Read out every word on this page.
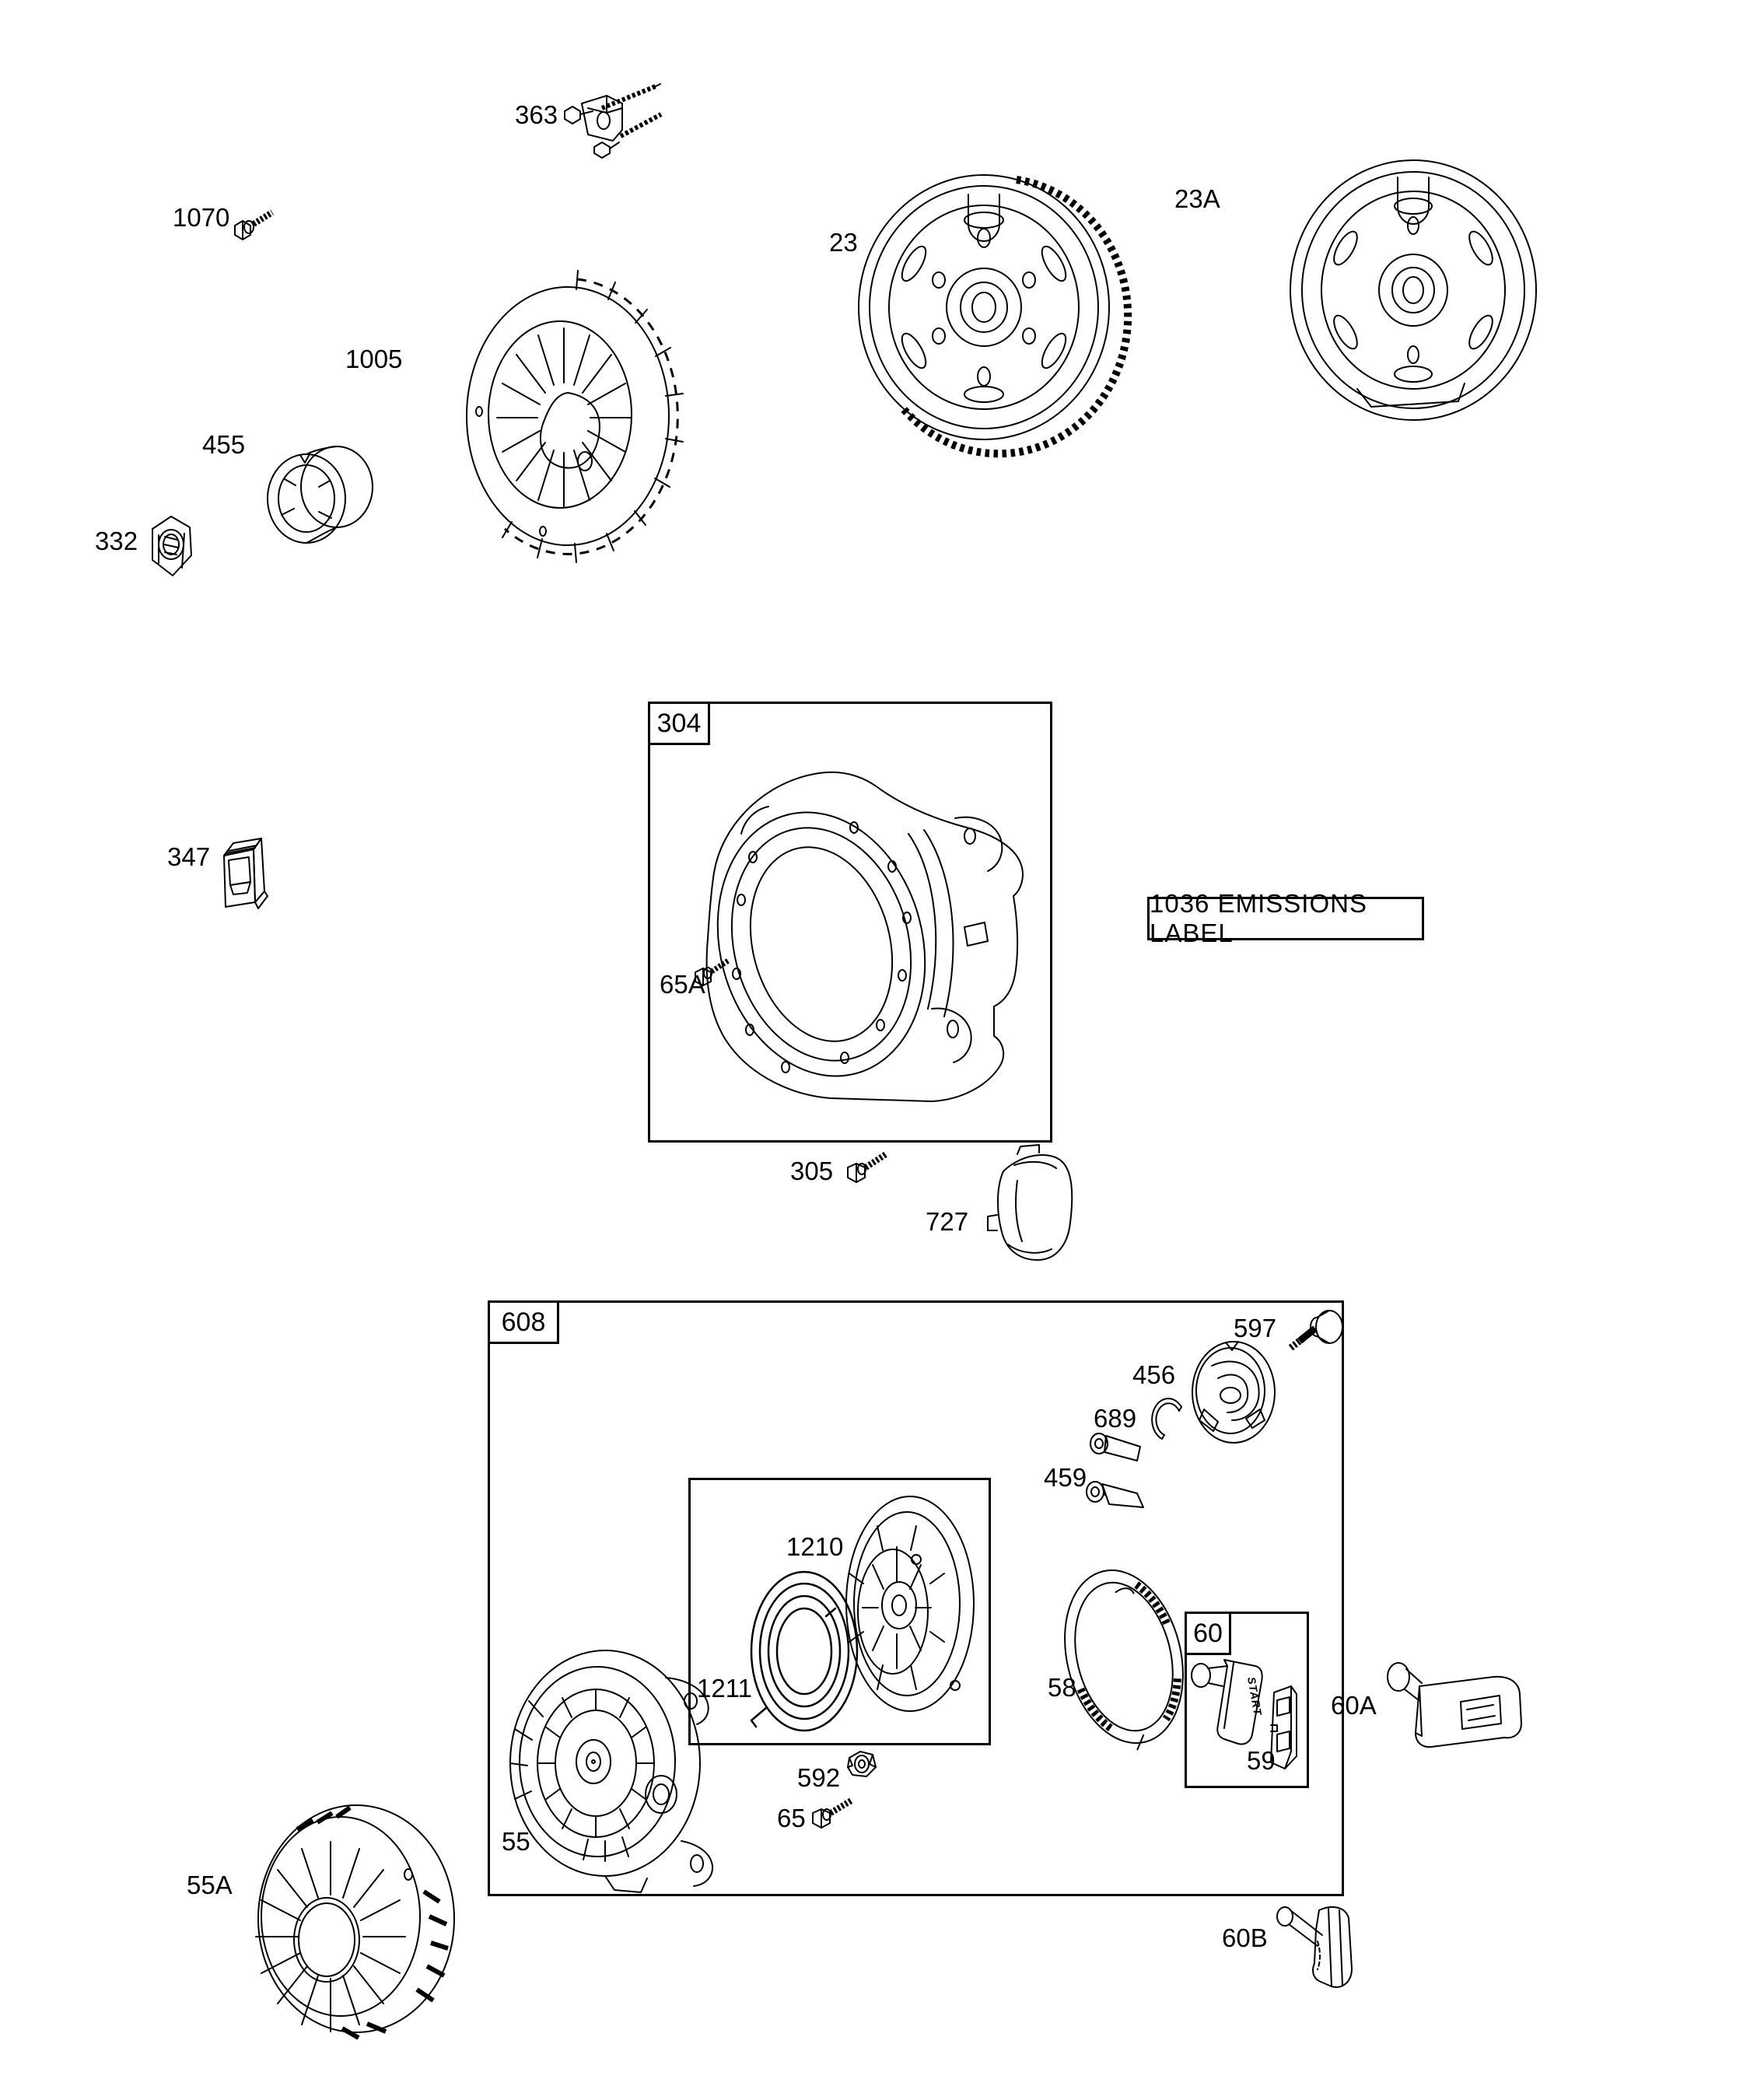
363
1070
23
23A
1005
455
332
347
65A
305
727
597
456
689
459
1210
1211	58
592
65
55
55A
59
60A
60B
304
1036 EMISSIONS LABEL
608
60
START
